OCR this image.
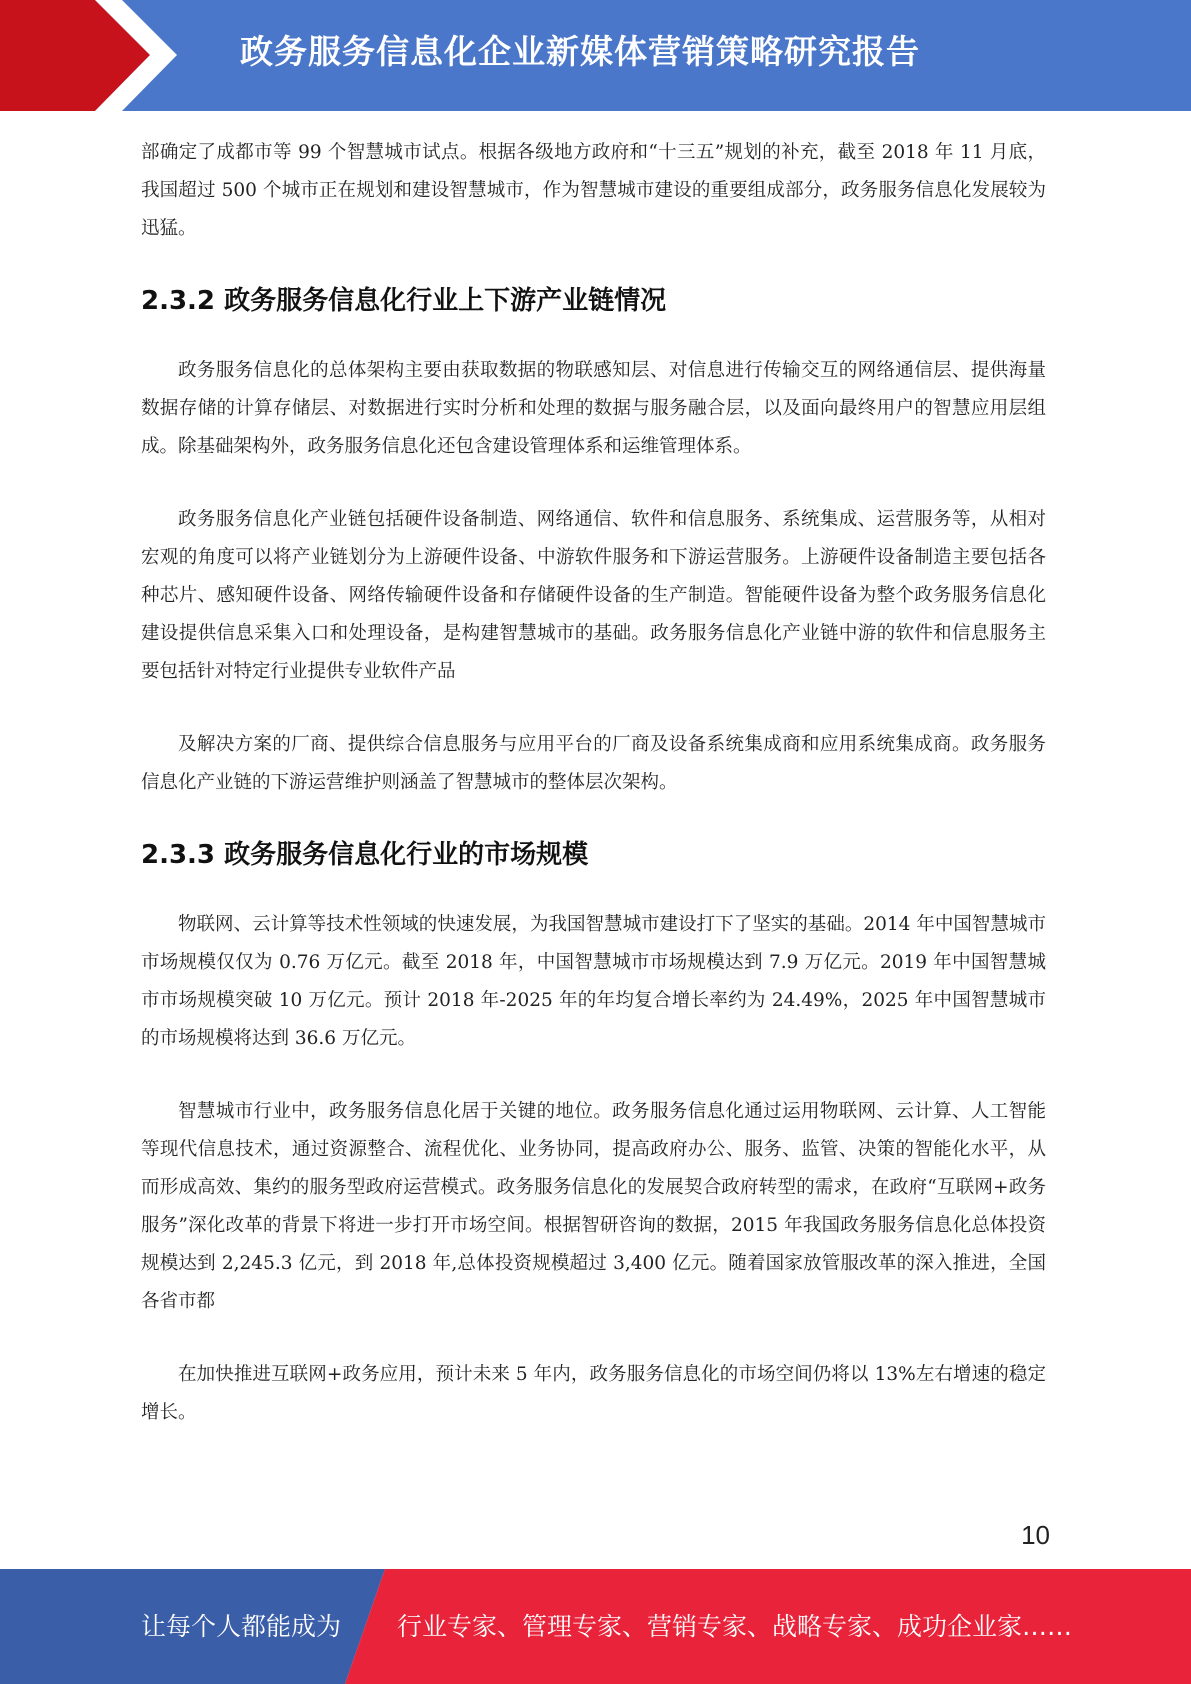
政务服务信息化企业新媒体营销策略研究报告

部确定了成都市等 99 个智慧城市试点。根据各级地方政府和“十三五”规划的补充，截至 2018 年 11 月底，我国超过 500 个城市正在规划和建设智慧城市，作为智慧城市建设的重要组成部分，政务服务信息化发展较为迅猛。

2.3.2 政务服务信息化行业上下游产业链情况

政务服务信息化的总体架构主要由获取数据的物联感知层、对信息进行传输交互的网络通信层、提供海量数据存储的计算存储层、对数据进行实时分析和处理的数据与服务融合层，以及面向最终用户的智慧应用层组成。除基础架构外，政务服务信息化还包含建设管理体系和运维管理体系。

政务服务信息化产业链包括硬件设备制造、网络通信、软件和信息服务、系统集成、运营服务等，从相对宏观的角度可以将产业链划分为上游硬件设备、中游软件服务和下游运营服务。上游硬件设备制造主要包括各种芯片、感知硬件设备、网络传输硬件设备和存储硬件设备的生产制造。智能硬件设备为整个政务服务信息化建设提供信息采集入口和处理设备，是构建智慧城市的基础。政务服务信息化产业链中游的软件和信息服务主要包括针对特定行业提供专业软件产品

及解决方案的厂商、提供综合信息服务与应用平台的厂商及设备系统集成商和应用系统集成商。政务服务信息化产业链的下游运营维护则涵盖了智慧城市的整体层次架构。

2.3.3 政务服务信息化行业的市场规模

物联网、云计算等技术性领域的快速发展，为我国智慧城市建设打下了坚实的基础。2014 年中国智慧城市市场规模仅仅为 0.76 万亿元。截至 2018 年，中国智慧城市市场规模达到 7.9 万亿元。2019 年中国智慧城市市场规模突破 10 万亿元。预计 2018 年-2025 年的年均复合增长率约为 24.49%，2025 年中国智慧城市的市场规模将达到 36.6 万亿元。

智慧城市行业中，政务服务信息化居于关键的地位。政务服务信息化通过运用物联网、云计算、人工智能等现代信息技术，通过资源整合、流程优化、业务协同，提高政府办公、服务、监管、决策的智能化水平，从而形成高效、集约的服务型政府运营模式。政务服务信息化的发展契合政府转型的需求，在政府“互联网+政务服务”深化改革的背景下将进一步打开市场空间。根据智研咨询的数据，2015 年我国政务服务信息化总体投资规模达到 2,245.3 亿元，到 2018 年,总体投资规模超过 3,400 亿元。随着国家放管服改革的深入推进，全国各省市都

在加快推进互联网+政务应用，预计未来 5 年内，政务服务信息化的市场空间仍将以 13%左右增速的稳定增长。

10
让每个人都能成为 行业专家、管理专家、营销专家、战略专家、成功企业家……
